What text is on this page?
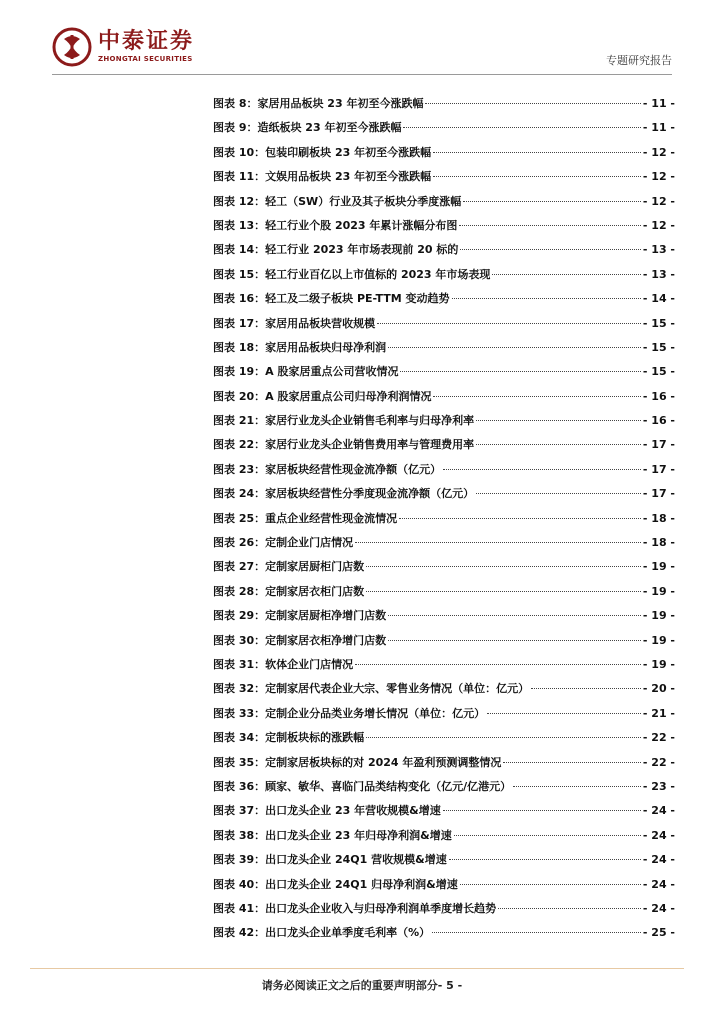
中泰证券
ZHONGTAI SECURITIES	专题研究报告
图表 8：家居用品板块 23 年初至今涨跌幅	- 11 -
图表 9：造纸板块 23 年初至今涨跌幅	- 11 -
图表 10：包装印刷板块 23 年初至今涨跌幅	- 12 -
图表 11：文娱用品板块 23 年初至今涨跌幅	- 12 -
图表 12：轻工（SW）行业及其子板块分季度涨幅	- 12 -
图表 13：轻工行业个股 2023 年累计涨幅分布图	- 12 -
图表 14：轻工行业 2023 年市场表现前 20 标的	- 13 -
图表 15：轻工行业百亿以上市值标的 2023 年市场表现	- 13 -
图表 16：轻工及二级子板块 PE-TTM 变动趋势	- 14 -
图表 17：家居用品板块营收规模	- 15 -
图表 18：家居用品板块归母净利润	- 15 -
图表 19：A 股家居重点公司营收情况	- 15 -
图表 20：A 股家居重点公司归母净利润情况	- 16 -
图表 21：家居行业龙头企业销售毛利率与归母净利率	- 16 -
图表 22：家居行业龙头企业销售费用率与管理费用率	- 17 -
图表 23：家居板块经营性现金流净额（亿元）	- 17 -
图表 24：家居板块经营性分季度现金流净额（亿元）	- 17 -
图表 25：重点企业经营性现金流情况	- 18 -
图表 26：定制企业门店情况	- 18 -
图表 27：定制家居厨柜门店数	- 19 -
图表 28：定制家居衣柜门店数	- 19 -
图表 29：定制家居厨柜净增门店数	- 19 -
图表 30：定制家居衣柜净增门店数	- 19 -
图表 31：软体企业门店情况	- 19 -
图表 32：定制家居代表企业大宗、零售业务情况（单位：亿元）	- 20 -
图表 33：定制企业分品类业务增长情况（单位：亿元）	- 21 -
图表 34：定制板块标的涨跌幅	- 22 -
图表 35：定制家居板块标的对 2024 年盈利预测调整情况	- 22 -
图表 36：顾家、敏华、喜临门品类结构变化（亿元/亿港元）	- 23 -
图表 37：出口龙头企业 23 年营收规模&增速	- 24 -
图表 38：出口龙头企业 23 年归母净利润&增速	- 24 -
图表 39：出口龙头企业 24Q1 营收规模&增速	- 24 -
图表 40：出口龙头企业 24Q1 归母净利润&增速	- 24 -
图表 41：出口龙头企业收入与归母净利润单季度增长趋势	- 24 -
图表 42：出口龙头企业单季度毛利率（%）	- 25 -
请务必阅读正文之后的重要声明部分- 5 -
